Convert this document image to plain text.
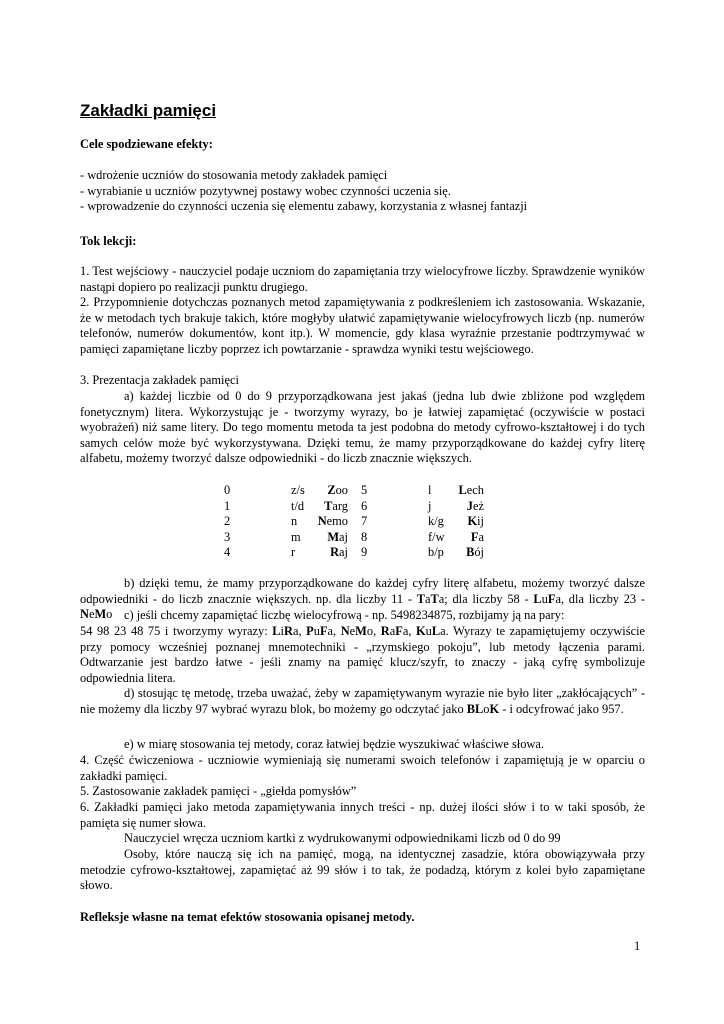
Zakładki pamięci
Cele spodziewane efekty:

- wdrożenie uczniów do stosowania metody zakładek pamięci

- wyrabianie u uczniów pozytywnej postawy wobec czynności uczenia się.

- wprowadzenie do czynności uczenia się elementu zabawy, korzystania z własnej fantazji

Tok lekcji:
1. Test wejściowy - nauczyciel podaje uczniom do zapamiętania trzy wielocyfrowe liczby. Sprawdzenie wyników nastąpi dopiero po realizacji punktu drugiego.
2. Przypomnienie dotychczas poznanych metod zapamiętywania z podkreśleniem ich zastosowania. Wskazanie, że w metodach tych brakuje takich, które mogłyby ułatwić zapamiętywanie wielocyfrowych liczb (np. numerów telefonów, numerów dokumentów, kont itp.). W momencie, gdy klasa wyraźnie przestanie podtrzymywać w pamięci zapamiętane liczby poprzez ich powtarzanie - sprawdza wyniki testu wejściowego.
3. Prezentacja zakładek pamięci
a) każdej liczbie od 0 do 9 przyporządkowana jest jakaś (jedna lub dwie zbliżone pod względem fonetycznym) litera. Wykorzystując je - tworzymy wyrazy, bo je łatwiej zapamiętać (oczywiście w postaci wyobrażeń) niż same litery. Do tego momentu metoda ta jest podobna do metody cyfrowo-kształtowej i do tych samych celów może być wykorzystywana. Dzięki temu, że mamy przyporządkowane do każdej cyfry literę alfabetu, możemy tworzyć dalsze odpowiedniki - do liczb znacznie większych.
0	z/s Zoo 5	l Lech
1	t/d Targ 6	j	Jeż
2	n Nemo 7	k/g Kij
3	m Maj 8	f/w Fa
4	r	Raj 9	b/p Bój
b) dzięki temu, że mamy przyporządkowane do każdej cyfry literę alfabetu, możemy tworzyć dalsze odpowiedniki - do liczb znacznie większych. np. dla liczby 11 - TaTa; dla liczby 58 - LuFa, dla liczby 23 - NeMo c) jeśli chcemy zapamiętać liczbę wielocyfrową - np. 5498234875, rozbijamy ją na pary:
54 98 23 48 75 i tworzymy wyrazy: LiRa, PuFa, NeMo, RaFa, KuLa. Wyrazy te zapamiętujemy oczywiście przy pomocy wcześniej poznanej mnemotechniki - „rzymskiego pokoju”, lub metody łączenia parami. Odtwarzanie jest bardzo łatwe - jeśli znamy na pamięć klucz/szyfr, to znaczy - jaką cyfrę symbolizuje odpowiednia litera.
d) stosując tę metodę, trzeba uważać, żeby w zapamiętywanym wyrazie nie było liter „zakłócających” - nie możemy dla liczby 97 wybrać wyrazu blok, bo możemy go odczytać jako BLoK - i odcyfrować jako 957.
e) w miarę stosowania tej metody, coraz łatwiej będzie wyszukiwać właściwe słowa.
4. Część ćwiczeniowa - uczniowie wymieniają się numerami swoich telefonów i zapamiętują je w oparciu o zakładki pamięci.
5. Zastosowanie zakładek pamięci - „giełda pomysłów”
6. Zakładki pamięci jako metoda zapamiętywania innych treści - np. dużej ilości słów i to w taki sposób, że pamięta się numer słowa.
Nauczyciel wręcza uczniom kartki z wydrukowanymi odpowiednikami liczb od 0 do 99
Osoby, które nauczą się ich na pamięć, mogą, na identycznej zasadzie, która obowiązywała przy metodzie cyfrowo-kształtowej, zapamiętać aż 99 słów i to tak, że podadzą, którym z kolei było zapamiętane słowo.
Refleksje własne na temat efektów stosowania opisanej metody.
1
